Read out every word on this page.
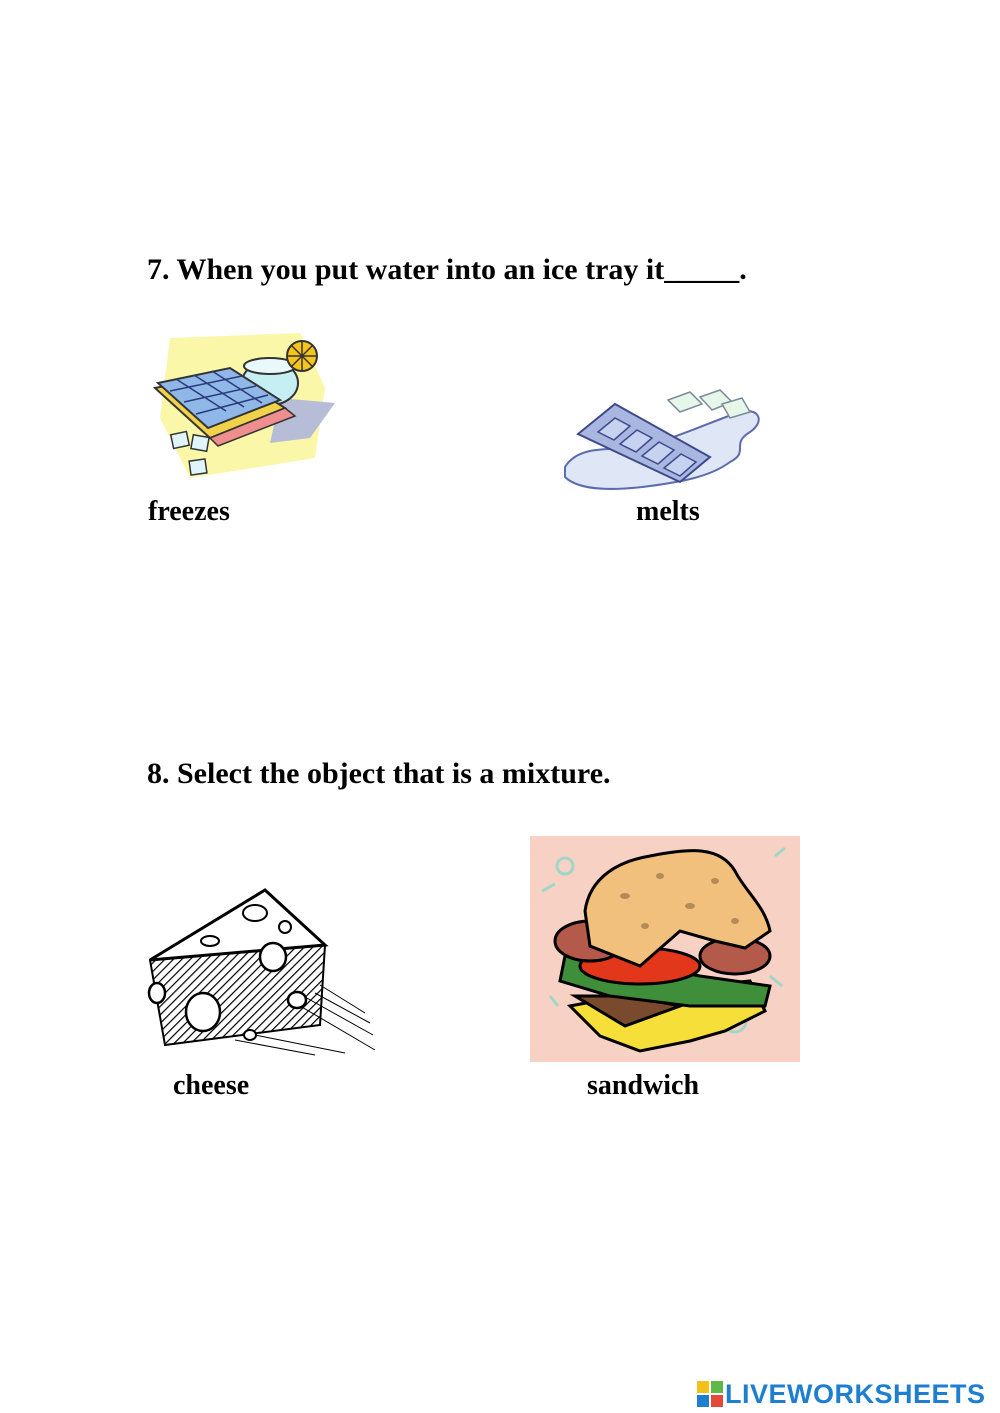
7. When you put water into an ice tray it_____.
freezes	melts
8. Select the object that is a mixture.
cheese	sandwich
LIVEWORKSHEETS
